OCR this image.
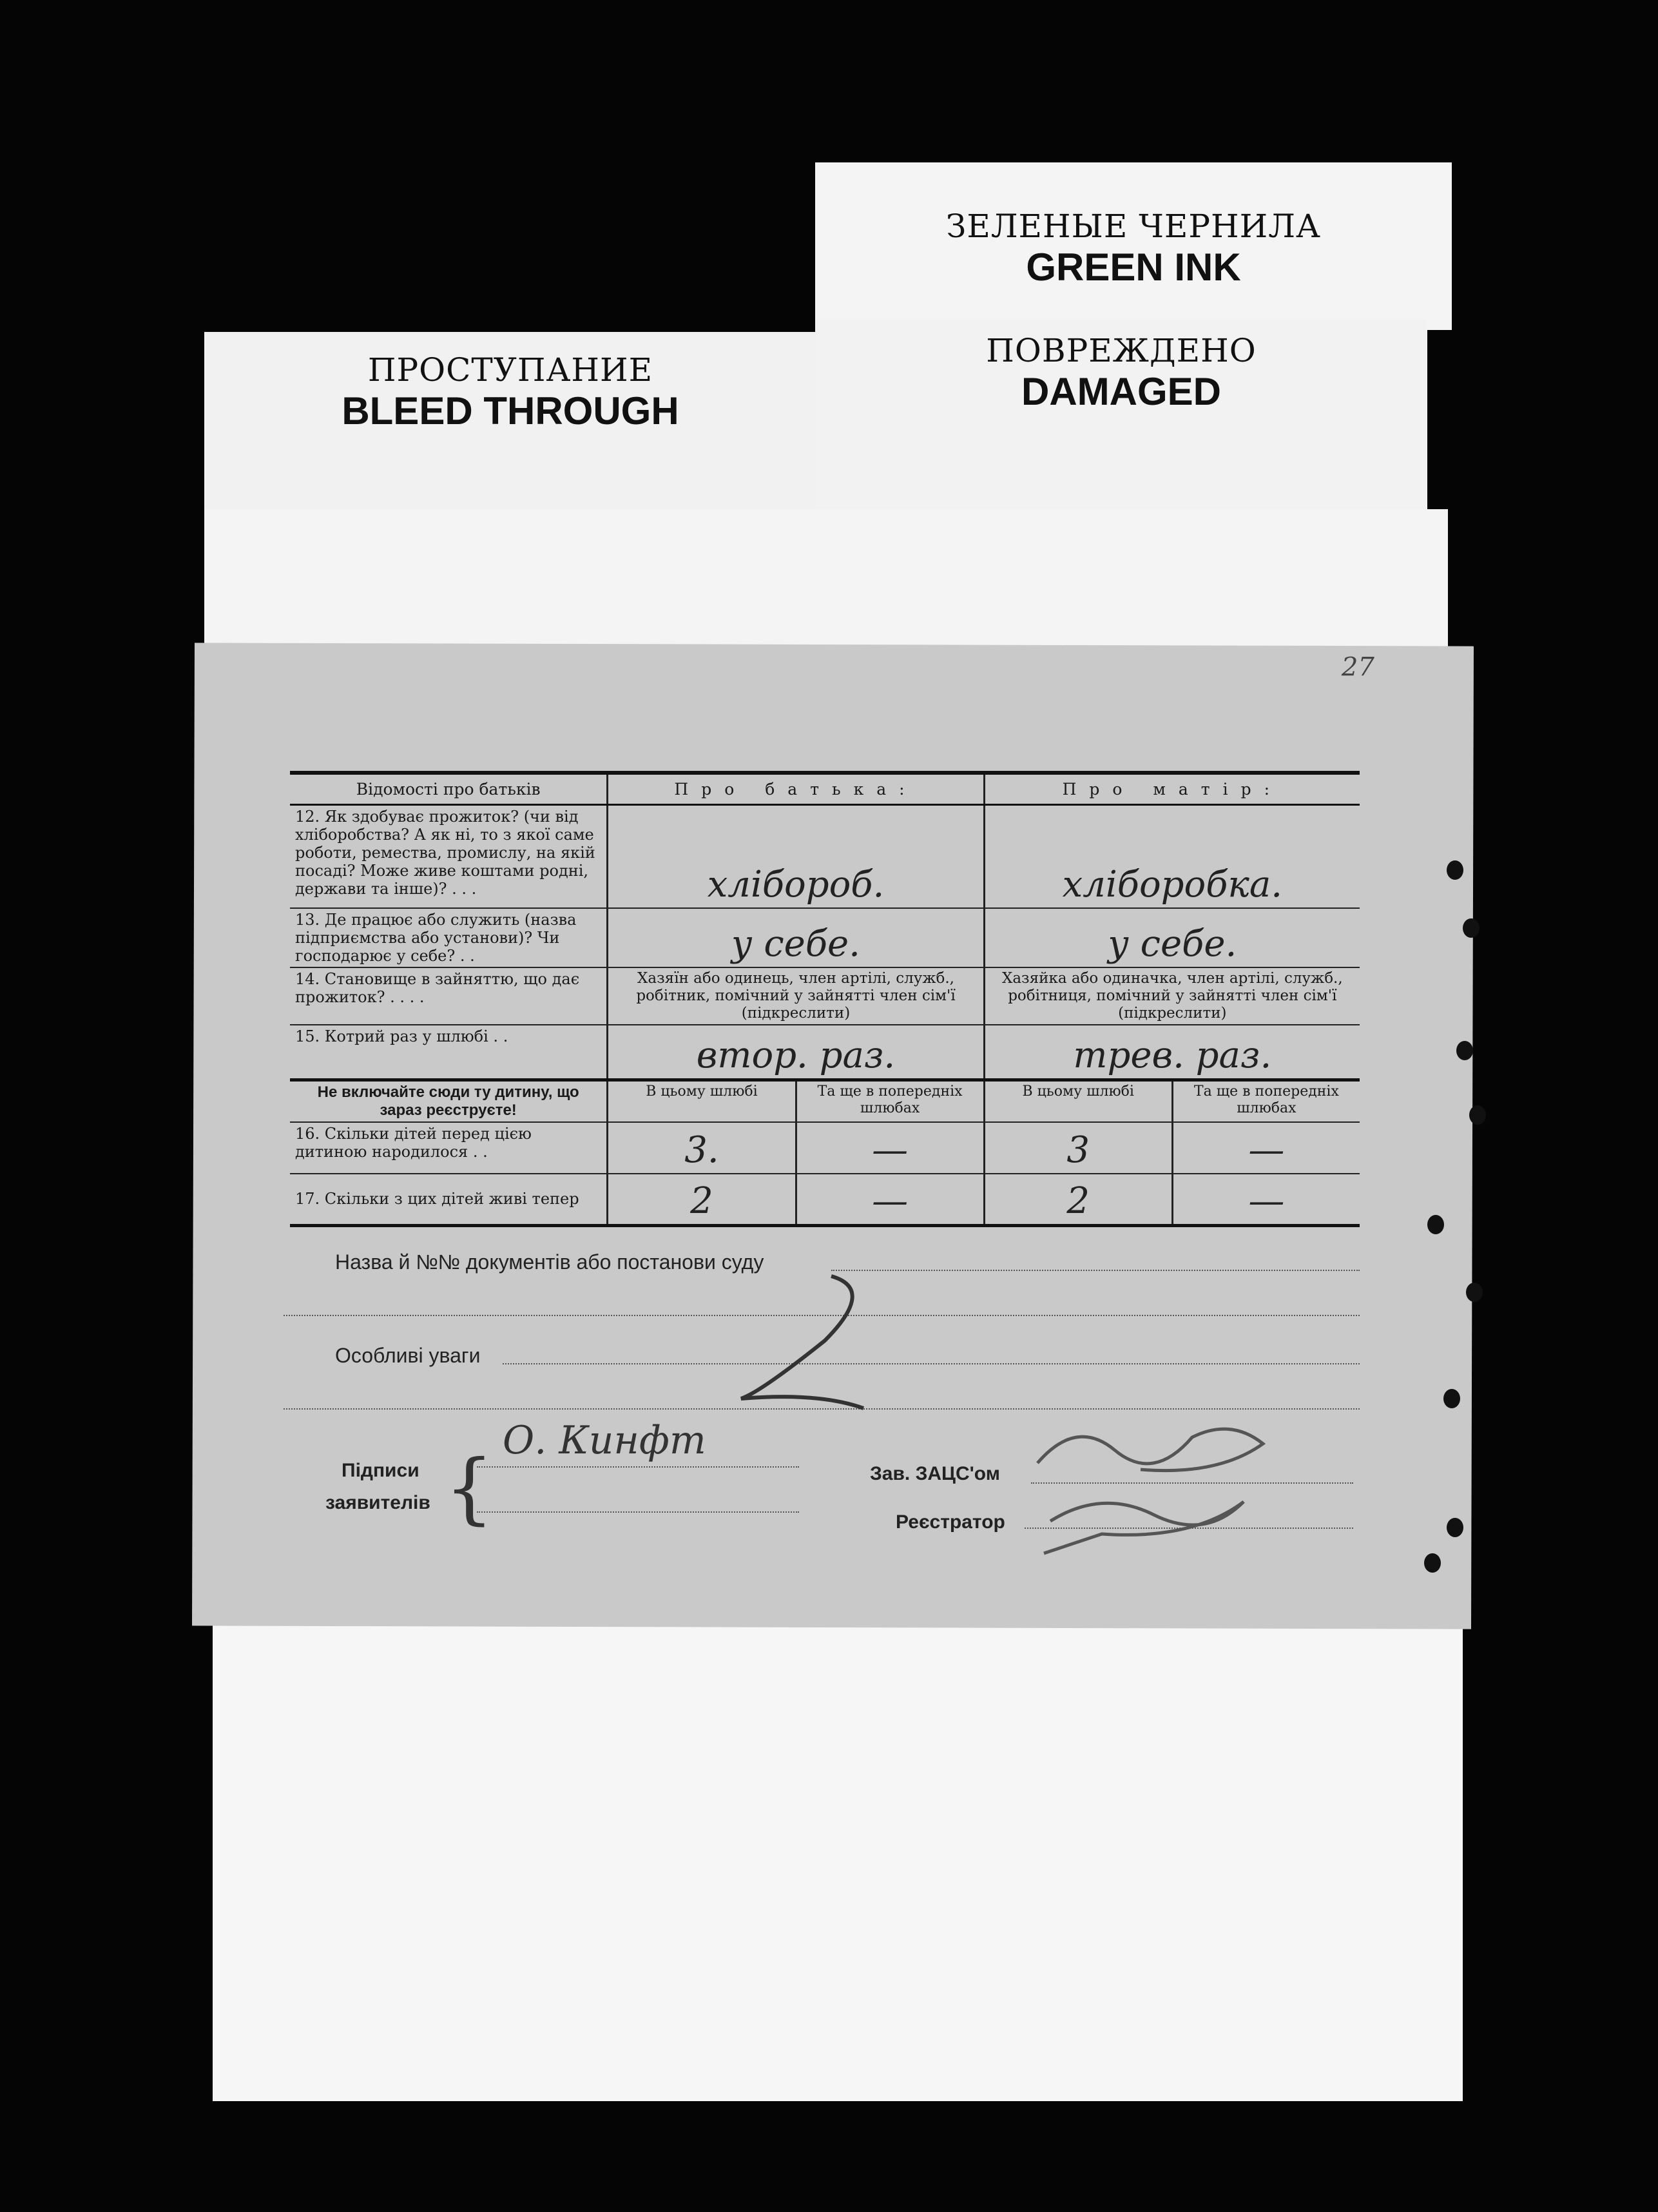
ЗЕЛЕНЫЕ ЧЕРНИЛА
GREEN INK
ПОВРЕЖДЕНО
DAMAGED
ПРОСТУПАНИЕ
BLEED THROUGH
27
Відомості про батьків	Про батька:		Про матір:	
12. Як здобуває прожиток? (чи від хліборобства? А як ні, то з якої саме роботи, ремества, промислу, на якій посаді? Може живе коштами родні, держави та інше)? . . .	хлібороб.		хліборобка.	
13. Де працює або служить (назва підприємства або установи)? Чи господарює у себе? . .	у себе.		у себе.	
14. Становище в зайняттю, що дає прожиток? . . . .	Хазяїн або одинець, член артілі, служб., робітник, помічний у зайнятті член сім'ї (підкреслити)		Хазяйка або одиначка, член артілі, служб., робітниця, помічний у зайнятті член сім'ї (підкреслити)	
15. Котрий раз у шлюбі . .	втор. раз.		трев. раз.	
Не включайте сюди ту дитину, що зараз реєструєте!	В цьому шлюбі	Та ще в попередніх шлюбах	В цьому шлюбі	Та ще в попередніх шлюбах
16. Скільки дітей перед цією дитиною народилося . .	3.	—	3	—
17. Скільки з цих дітей живі тепер	2	—	2	—
Назва й №№ документів або постанови суду
Особливі уваги
Підписи
заявителів {
О. Кинфт
Зав. ЗАЦС'ом
Реєстратор
